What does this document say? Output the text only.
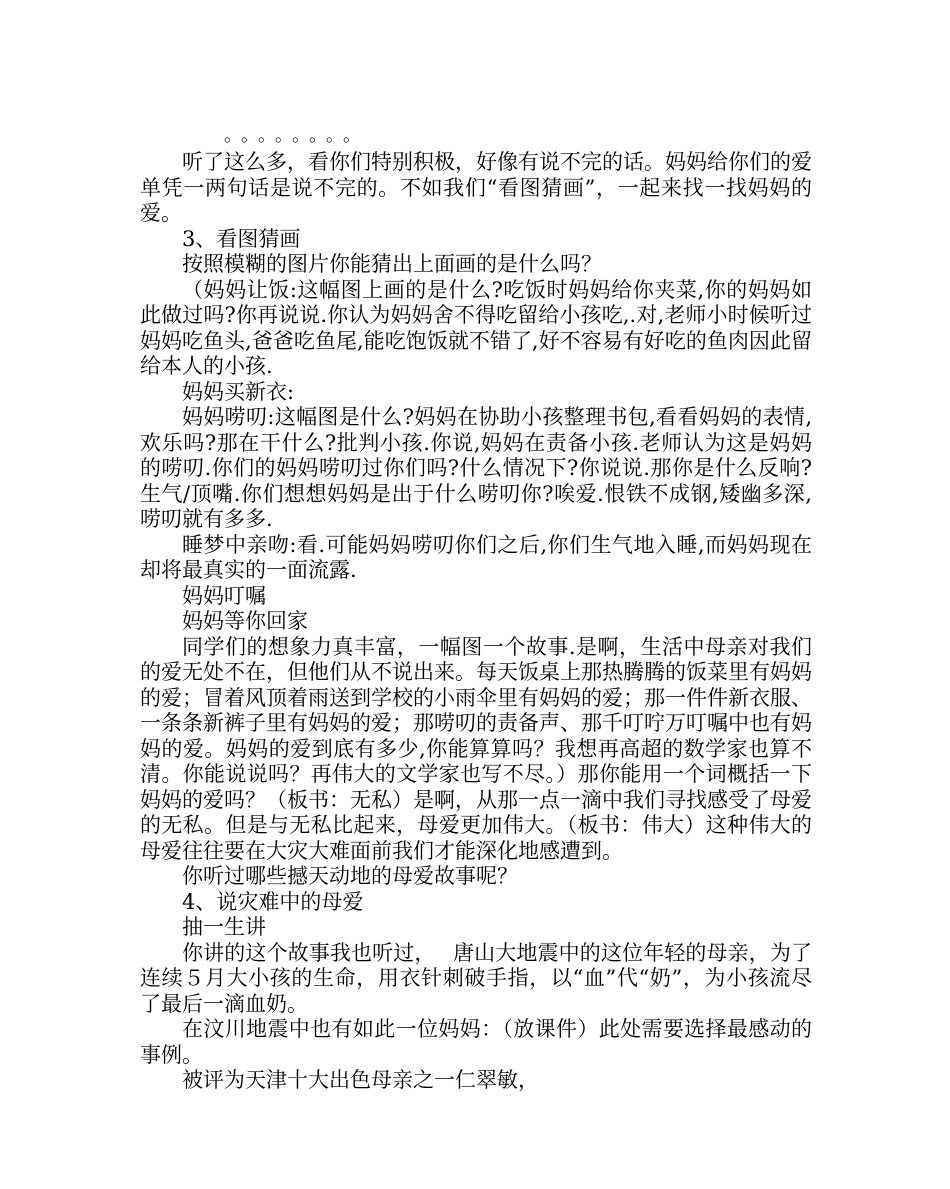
。。。。。。。。

听了这么多，看你们特别积极，好像有说不完的话。妈妈给你们的爱单凭一两句话是说不完的。不如我们“看图猜画”，一起来找一找妈妈的爱。

3、看图猜画

按照模糊的图片你能猜出上面画的是什么吗？

（妈妈让饭:这幅图上画的是什么?吃饭时妈妈给你夹菜,你的妈妈如此做过吗?你再说说.你认为妈妈舍不得吃留给小孩吃,.对,老师小时候听过妈妈吃鱼头,爸爸吃鱼尾,能吃饱饭就不错了,好不容易有好吃的鱼肉因此留给本人的小孩.

妈妈买新衣:

妈妈唠叨:这幅图是什么?妈妈在协助小孩整理书包,看看妈妈的表情,欢乐吗?那在干什么?批判小孩.你说,妈妈在责备小孩.老师认为这是妈妈的唠叨.你们的妈妈唠叨过你们吗?什么情况下?你说说.那你是什么反响?生气/顶嘴.你们想想妈妈是出于什么唠叨你?唉爱.恨铁不成钢,矮幽多深,唠叨就有多多.

睡梦中亲吻:看.可能妈妈唠叨你们之后,你们生气地入睡,而妈妈现在却将最真实的一面流露.

妈妈叮嘱

妈妈等你回家

同学们的想象力真丰富，一幅图一个故事.是啊，生活中母亲对我们的爱无处不在，但他们从不说出来。每天饭桌上那热腾腾的饭菜里有妈妈的爱；冒着风顶着雨送到学校的小雨伞里有妈妈的爱；那一件件新衣服、一条条新裤子里有妈妈的爱；那唠叨的责备声、那千叮咛万叮嘱中也有妈妈的爱。妈妈的爱到底有多少,你能算算吗？我想再高超的数学家也算不清。你能说说吗？再伟大的文学家也写不尽。）那你能用一个词概括一下妈妈的爱吗？（板书：无私）是啊，从那一点一滴中我们寻找感受了母爱的无私。但是与无私比起来，母爱更加伟大。（板书：伟大）这种伟大的母爱往往要在大灾大难面前我们才能深化地感遭到。

你听过哪些撼天动地的母爱故事呢？

4、说灾难中的母爱

抽一生讲

你讲的这个故事我也听过，　 唐山大地震中的这位年轻的母亲，为了连续５月大小孩的生命，用衣针刺破手指，以“血”代“奶”，为小孩流尽了最后一滴血奶。

在汶川地震中也有如此一位妈妈：（放课件）此处需要选择最感动的事例。

被评为天津十大出色母亲之一仁翠敏，
